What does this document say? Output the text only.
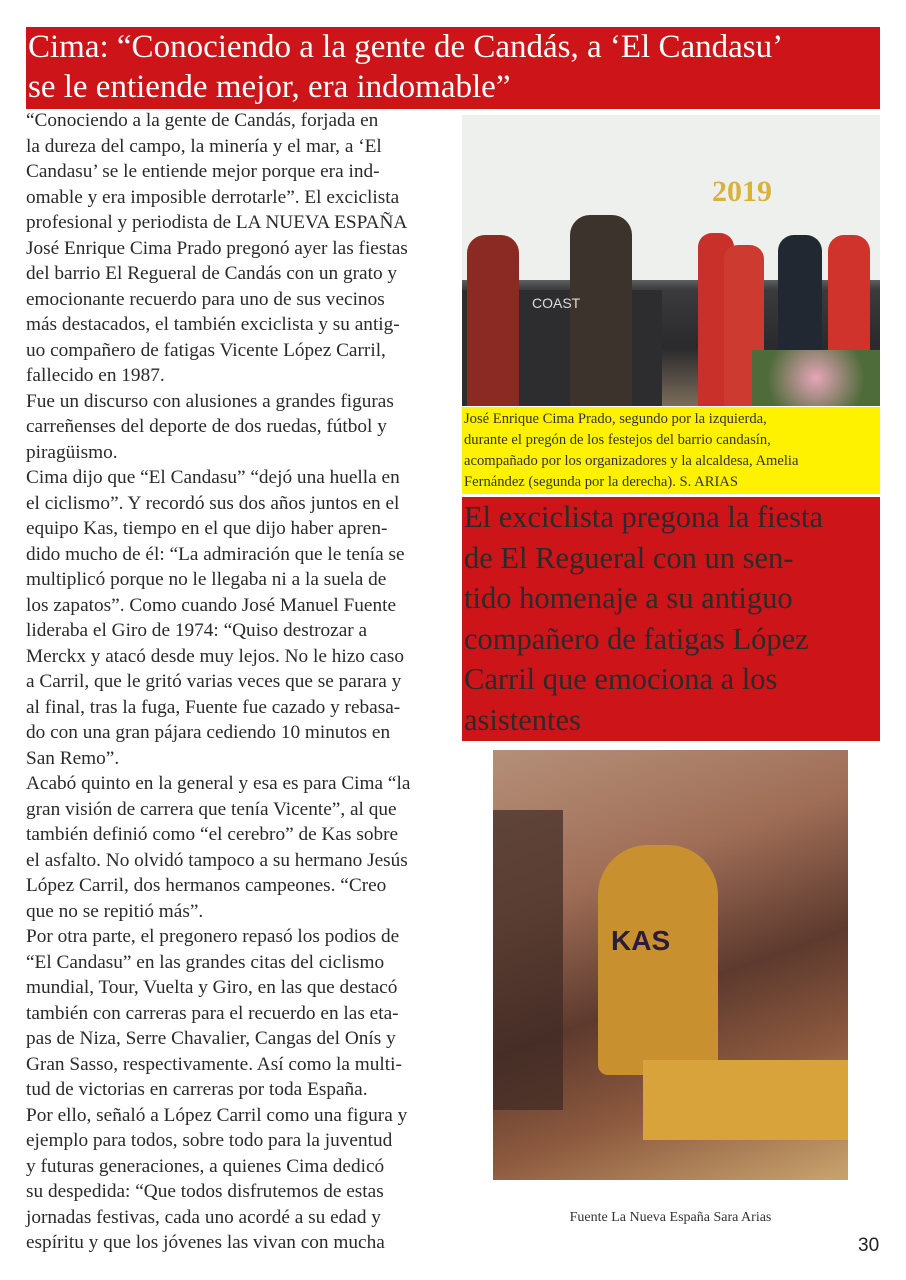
Cima: “Conociendo a la gente de Candás, a ‘El Candasu’
se le entiende mejor, era indomable”
“Conociendo a la gente de Candás, forjada en
la dureza del campo, la minería y el mar, a ‘El
Candasu’ se le entiende mejor porque era ind-
omable y era imposible derrotarle”. El exciclista
profesional y periodista de LA NUEVA ESPAÑA
José Enrique Cima Prado pregonó ayer las fiestas
del barrio El Regueral de Candás con un grato y
emocionante recuerdo para uno de sus vecinos
más destacados, el también exciclista y su antig-
uo compañero de fatigas Vicente López Carril,
fallecido en 1987.
Fue un discurso con alusiones a grandes figuras
carreñenses del deporte de dos ruedas, fútbol y
piragüismo.
Cima dijo que “El Candasu” “dejó una huella en
el ciclismo”. Y recordó sus dos años juntos en el
equipo Kas, tiempo en el que dijo haber apren-
dido mucho de él: “La admiración que le tenía se
multiplicó porque no le llegaba ni a la suela de
los zapatos”. Como cuando José Manuel Fuente
lideraba el Giro de 1974: “Quiso destrozar a
Merckx y atacó desde muy lejos. No le hizo caso
a Carril, que le gritó varias veces que se parara y
al final, tras la fuga, Fuente fue cazado y rebasa-
do con una gran pájara cediendo 10 minutos en
San Remo”.
Acabó quinto en la general y esa es para Cima “la
gran visión de carrera que tenía Vicente”, al que
también definió como “el cerebro” de Kas sobre
el asfalto. No olvidó tampoco a su hermano Jesús
López Carril, dos hermanos campeones. “Creo
que no se repitió más”.
Por otra parte, el pregonero repasó los podios de
“El Candasu” en las grandes citas del ciclismo
mundial, Tour, Vuelta y Giro, en las que destacó
también con carreras para el recuerdo en las eta-
pas de Niza, Serre Chavalier, Cangas del Onís y
Gran Sasso, respectivamente. Así como la multi-
tud de victorias en carreras por toda España.
Por ello, señaló a López Carril como una figura y
ejemplo para todos, sobre todo para la juventud
y futuras generaciones, a quienes Cima dedicó
su despedida: “Que todos disfrutemos de estas
jornadas festivas, cada uno acordé a su edad y
espíritu y que los jóvenes las vivan con mucha
2019
COAST
José Enrique Cima Prado, segundo por la izquierda,
durante el pregón de los festejos del barrio candasín,
acompañado por los organizadores y la alcaldesa, Amelia
Fernández (segunda por la derecha). S. ARIAS
El exciclista pregona la fiesta
de El Regueral con un sen-
tido homenaje a su antiguo
compañero de fatigas López
Carril que emociona a los
asistentes
KAS
Fuente La Nueva España Sara Arias
30
